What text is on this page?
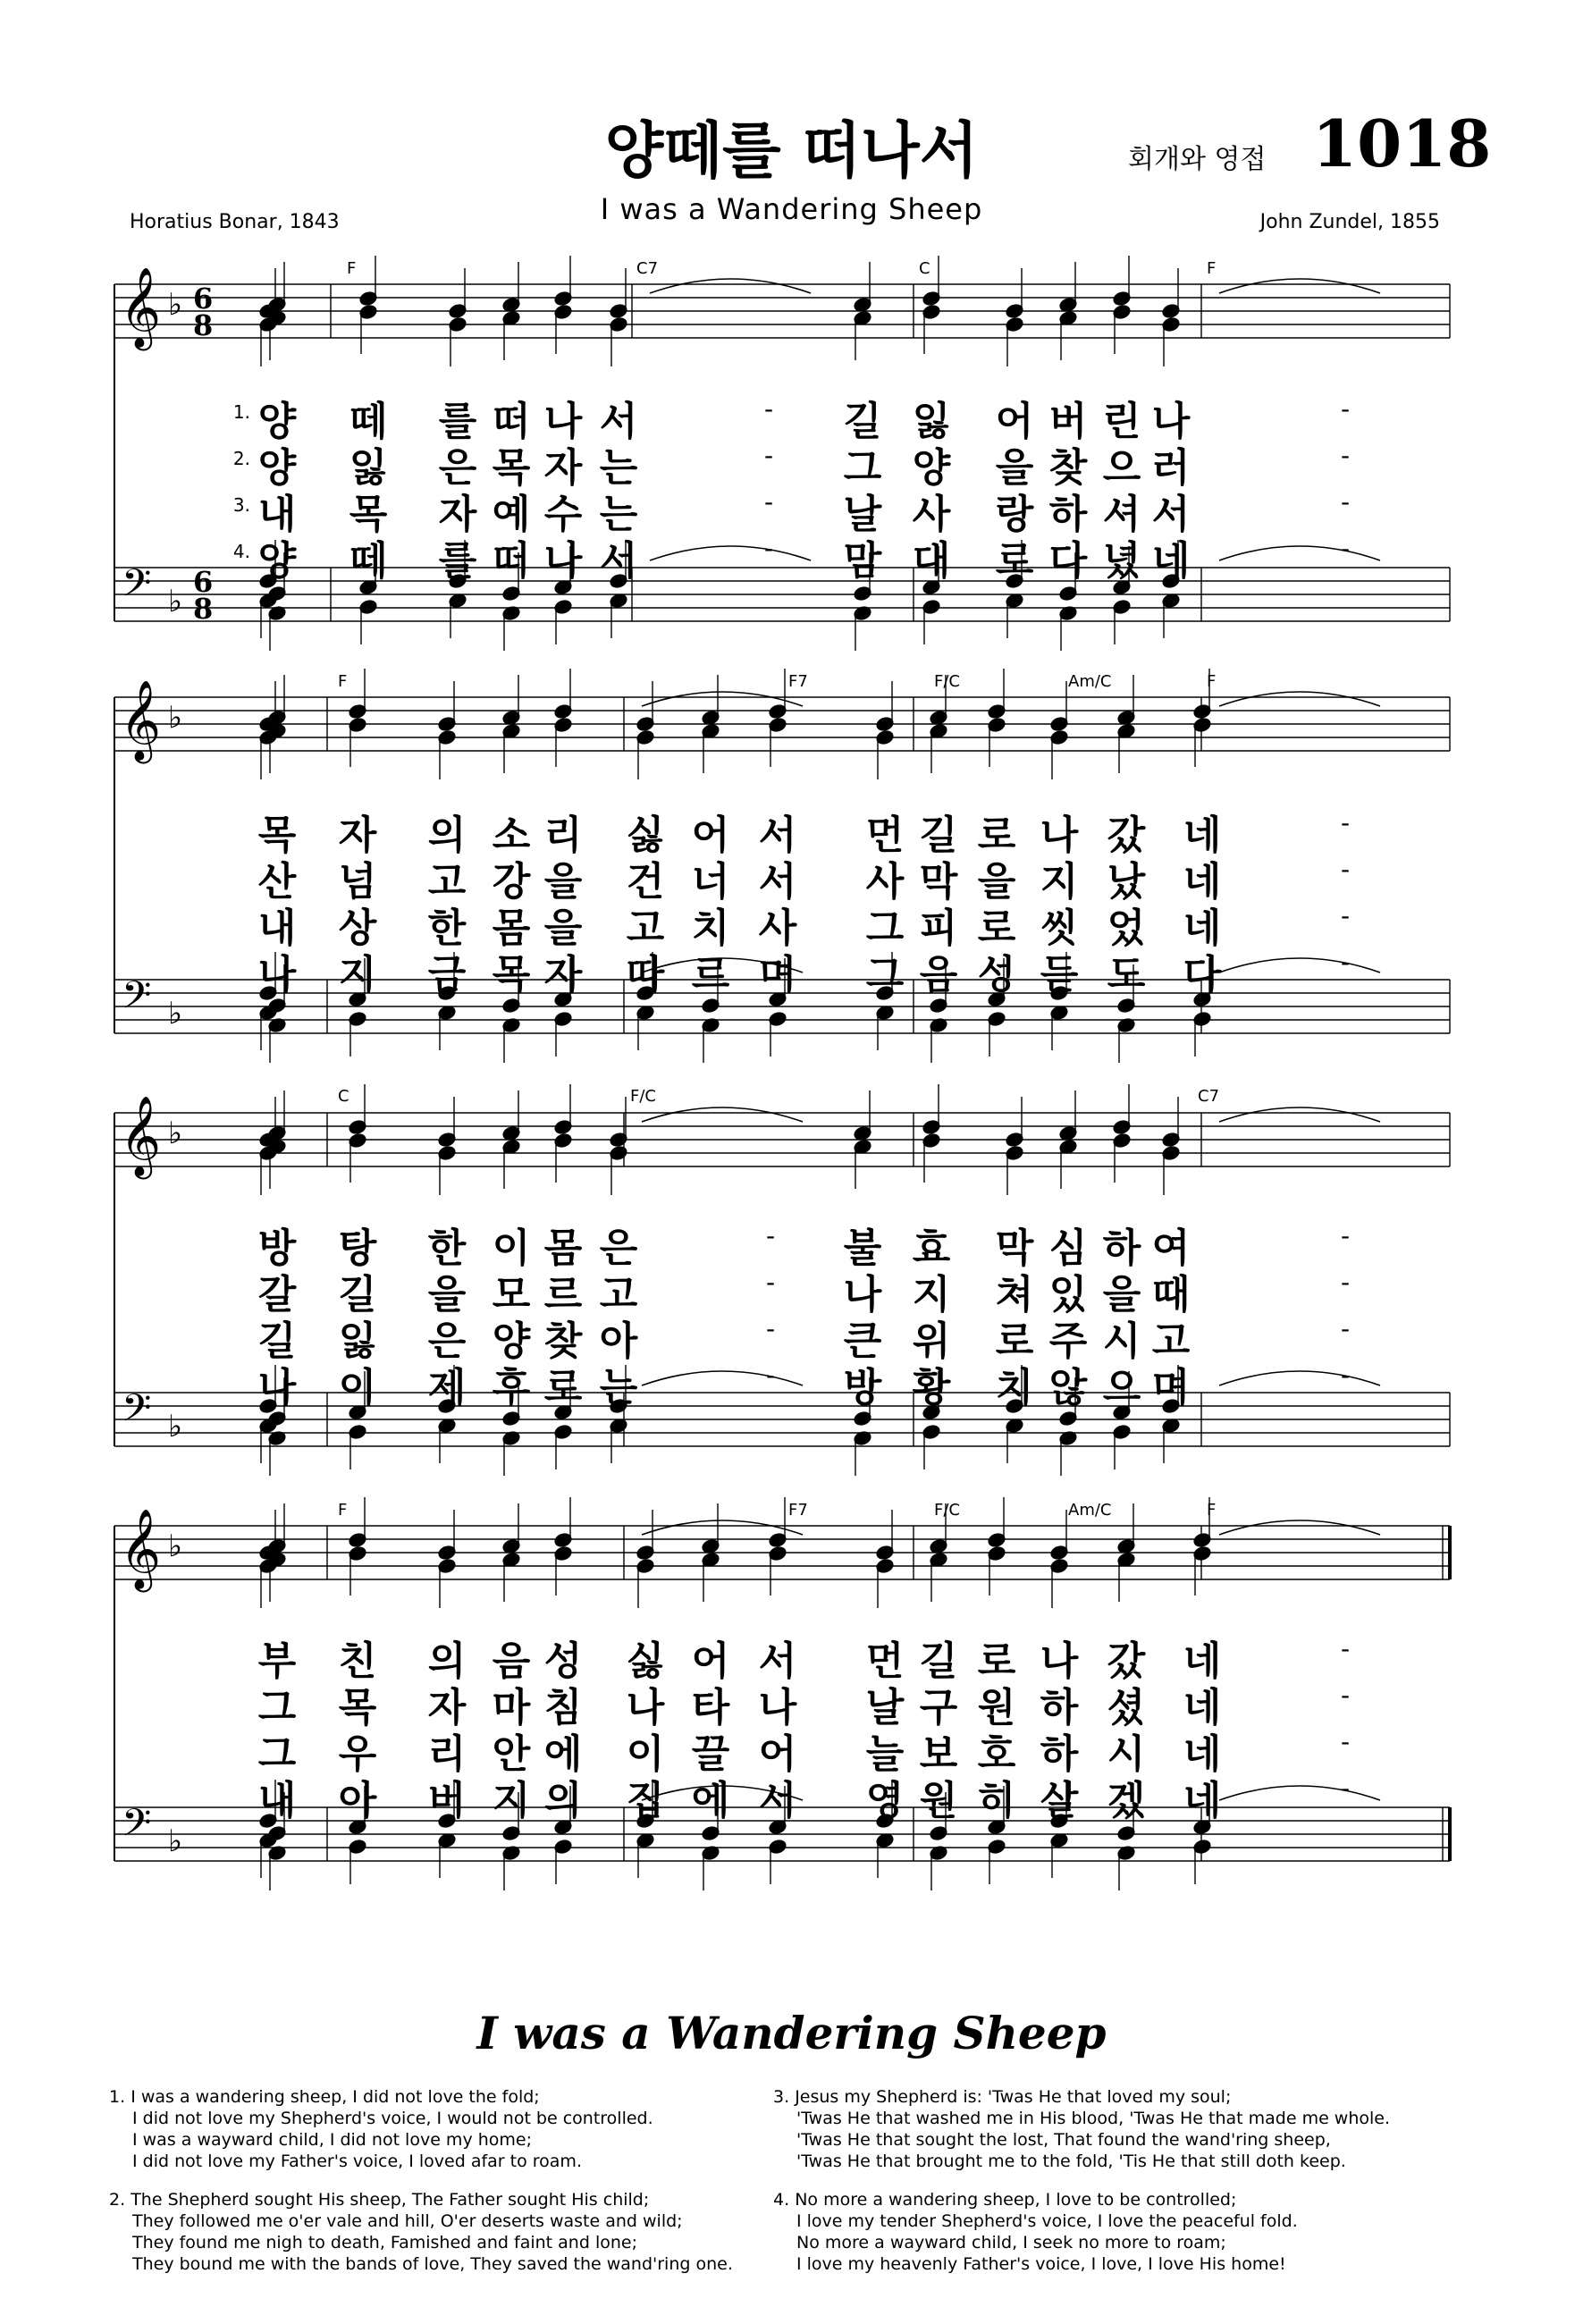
양떼를 떠나서
I was a Wandering Sheep
회개와 영접 1018
Horatius Bonar, 1843	John Zundel, 1855
𝄞
𝄢
♭
♭
6
8
6
8
𝄞
𝄢
♭
♭
𝄞
𝄢
♭
♭
𝄞
𝄢
♭
♭
F	C7	C	F
F	F7	F/C	Am/C	F
C	F/C	C7
F	F7	F/C	Am/C	F
1. 양 떼 를 떠 나 서	길 잃 어 버 린 나
-	-
2. 양 잃 은 목 자 는	그 양 을 찾 으 러
-	-
3. 내 목 자 예 수 는	날 사 랑 하 셔 서
-	-
4. 양 떼 를 떠 나 서	맘 대 로 다 녔 네
-	-
목 자 의 소 리 싫 어 서 먼 길 로 나 갔 네	-
산 넘 고 강 을 건 너 서 사 막 을 지 났 네	-
내 상 한 몸 을 고 치 사 그 피 로 씻 었 네	-
나 지 금 목 자 따 르 며 그 음 성 듣 도 다	-
방 탕 한 이 몸 은	불 효 막 심 하 여
-	-
갈 길 을 모 르 고	나 지 쳐 있 을 때
-	-
길 잃 은 양 찾 아	큰 위 로 주 시 고
-	-
나 이 제 후 로 는	방 황 치 않 으 며
-	-
부 친 의 음 성 싫 어 서 먼 길 로 나 갔 네	-
그 목 자 마 침 나 타 나 날 구 원 하 셨 네	-
그 우 리 안 에 이 끌 어 늘 보 호 하 시 네	-
내 아 버 지 의 집 에 서 영 원 히 살 겠 네	-
I was a Wandering Sheep
1. I was a wandering sheep, I did not love the fold;
I did not love my Shepherd's voice, I would not be controlled.
I was a wayward child, I did not love my home;
I did not love my Father's voice, I loved afar to roam.
2. The Shepherd sought His sheep, The Father sought His child;
They followed me o'er vale and hill, O'er deserts waste and wild;
They found me nigh to death, Famished and faint and lone;
They bound me with the bands of love, They saved the wand'ring one.
3. Jesus my Shepherd is: 'Twas He that loved my soul;
'Twas He that washed me in His blood, 'Twas He that made me whole.
'Twas He that sought the lost, That found the wand'ring sheep,
'Twas He that brought me to the fold, 'Tis He that still doth keep.
4. No more a wandering sheep, I love to be controlled;
I love my tender Shepherd's voice, I love the peaceful fold.
No more a wayward child, I seek no more to roam;
I love my heavenly Father's voice, I love, I love His home!
